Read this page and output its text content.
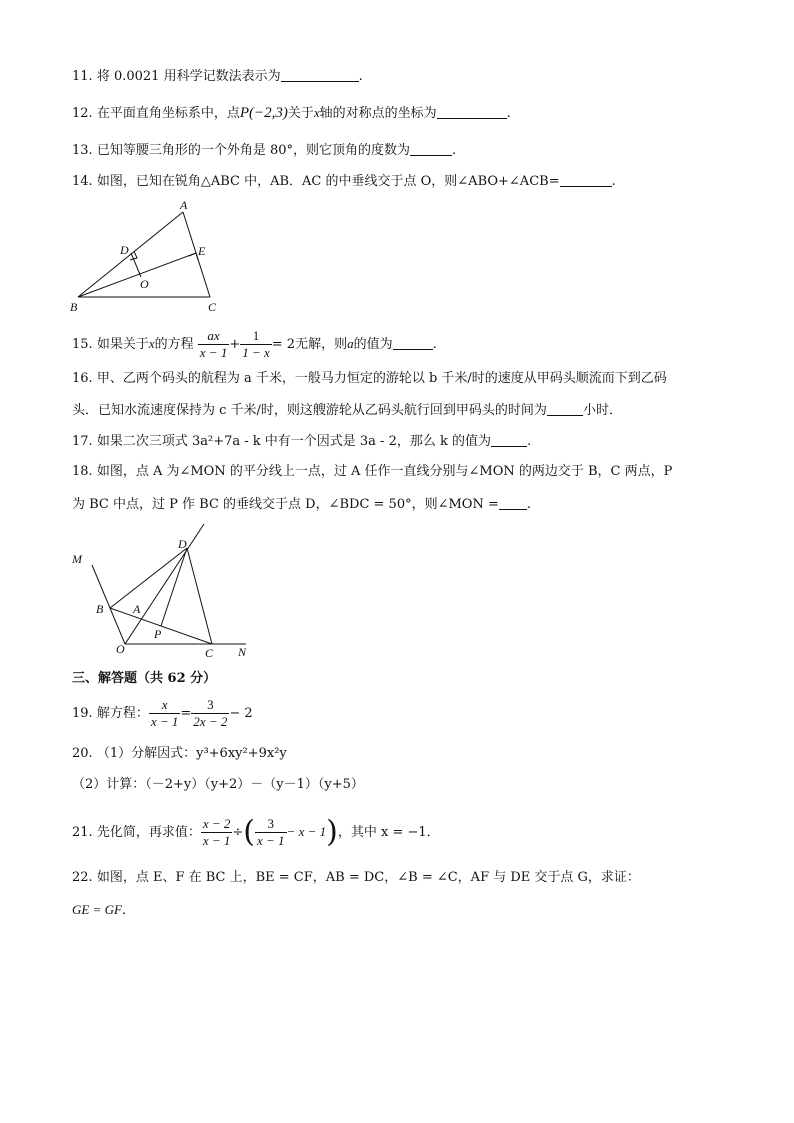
11. 将 0.0021 用科学记数法表示为	.
12. 在平面直角坐标系中，点P(−2,3)关于x轴的对称点的坐标为	.
13. 已知等腰三角形的一个外角是 80°，则它顶角的度数为	.
14. 如图，已知在锐角△ABC 中，AB．AC 的中垂线交于点 O，则∠ABO+∠ACB=	.
A
D	E
O
B	C
15. 如果关于x的方程 $\frac{ax}{x - 1} + \frac{1}{1 - x} = 2$无解，则a的值为	.
16. 甲、乙两个码头的航程为 a 千米，一般马力恒定的游轮以 b 千米/时的速度从甲码头顺流而下到乙码
头．已知水流速度保持为 c 千米/时，则这艘游轮从乙码头航行回到甲码头的时间为	小时．
17. 如果二次三项式 3a²+7a - k 中有一个因式是 3a - 2，那么 k 的值为	.
18. 如图，点 A 为∠MON 的平分线上一点，过 A 任作一直线分别与∠MON 的两边交于 B，C 两点，P
为 BC 中点，过 P 作 BC 的垂线交于点 D，∠BDC = 50°，则∠MON = .
D
M
B A
P
O	C N
三、解答题（共 62 分）
19. 解方程： $\frac{x}{x - 1} = \frac{3}{2x - 2} - 2$
20. （1）分解因式：y³+6xy²+9x²y
（2）计算：（－2+y）（y+2）－（y－1）（y+5）
21. 先化简，再求值： $\frac{x - 2}{x - 1}$ ÷( $\frac{3}{x - 1} - x - 1$)，其中 x = −1．
22. 如图，点 E、F 在 BC 上，BE = CF，AB = DC，∠B = ∠C，AF 与 DE 交于点 G，求证：
GE = GF．
